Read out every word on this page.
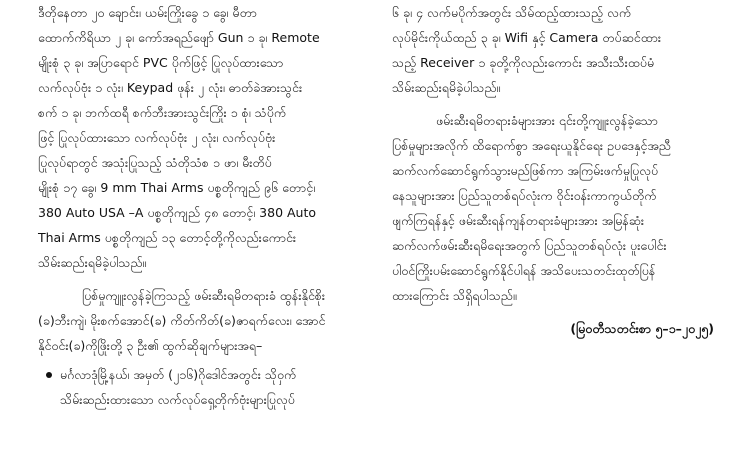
ဒီတိုနေတာ ၂၀ ချောင်း၊ ယမ်းကြိုးခွေ ၁ ခွေ၊ မီတာ
ထောက်ကိရိယာ ၂ ခု၊ ကော်အရည်ဖျော် Gun ၁ ခု၊ Remote
မျိုးစုံ ၃ ခု၊ အပြာရောင် PVC ပိုက်ဖြင့် ပြုလုပ်ထားသော
လက်လုပ်ဗုံး ၁ လုံး၊ Keypad ဖုန်း ၂ လုံး၊ ဓာတ်ခဲအားသွင်း
စက် ၁ ခု၊ ဘက်ထရီ စက်ဘီးအားသွင်းကြိုး ၁ စုံ၊ သံပိုက်
ဖြင့် ပြုလုပ်ထားသော လက်လုပ်ဗုံး ၂ လုံး၊ လက်လုပ်ဗုံး
ပြုလုပ်ရာတွင် အသုံးပြုသည့် သံတိုသံစ ၁ ဖာ၊ မီးတိပ်
မျိုးစုံ ၁၇ ခွေ၊ 9 mm Thai Arms ပစ္စတိုကျည် ၉၆ တောင့်၊
380 Auto USA –A ပစ္စတိုကျည် ၄၈ တောင့်၊ 380 Auto
Thai Arms ပစ္စတိုကျည် ၁၃ တောင့်တို့ကိုလည်းကောင်း
သိမ်းဆည်းရမိခဲ့ပါသည်။

ပြစ်မှုကျူးလွန်ခဲ့ကြသည့် ဖမ်းဆီးရမိတရားခံ ထွန်းနိုင်စိုး
(ခ)ဘီးကျဲ၊ မိုးစက်အောင်(ခ) ကိတ်ကိတ်(ခ)ဇာရက်လေး၊ အောင်
နိုင်ဝင်း(ခ)ကိုဖြိုးတို့ ၃ ဦး၏ ထွက်ဆိုချက်များအရ–

မင်္ဂလာဒုံမြို့နယ်၊ အမှတ် (၂၁၆)ဂိုဒေါင်အတွင်း သိုဝှက်
သိမ်းဆည်းထားသော လက်လုပ်ရှေ့တိုက်ဗုံးများပြုလုပ်

၆ ခု၊ ၄ လက်မပိုက်အတွင်း သိမ်ထည့်ထားသည့် လက်
လုပ်မိုင်းကိုယ်ထည် ၃ ခု၊ Wifi နှင့် Camera တပ်ဆင်ထား
သည့် Receiver ၁ ခုတို့ကိုလည်းကောင်း အသီးသီးထပ်မံ
သိမ်းဆည်းရမိခဲ့ပါသည်။

ဖမ်းဆီးရမိတရားခံများအား ၎င်းတို့ကျူးလွန်ခဲ့သော
ပြစ်မှုများအလိုက် ထိရောက်စွာ အရေးယူနိုင်ရေး ဥပဒေနှင့်အညီ
ဆက်လက်ဆောင်ရွက်သွားမည်ဖြစ်ကာ အကြမ်းဖက်မှုပြုလုပ်
နေသူများအား ပြည်သူတစ်ရပ်လုံးက ဝိုင်းဝန်းကာကွယ်တိုက်
ဖျက်ကြရန်နှင့် ဖမ်းဆီးရန်ကျန်တရားခံများအား အမြန်ဆုံး
ဆက်လက်ဖမ်းဆီးရမိရေးအတွက် ပြည်သူတစ်ရပ်လုံး ပူးပေါင်း
ပါဝင်ကြိုးပမ်းဆောင်ရွက်နိုင်ပါရန် အသိပေးသတင်းထုတ်ပြန်
ထားကြောင်း သိရှိရပါသည်။

(မြဝတီသတင်းစာ ၅–၁–၂၀၂၅)
